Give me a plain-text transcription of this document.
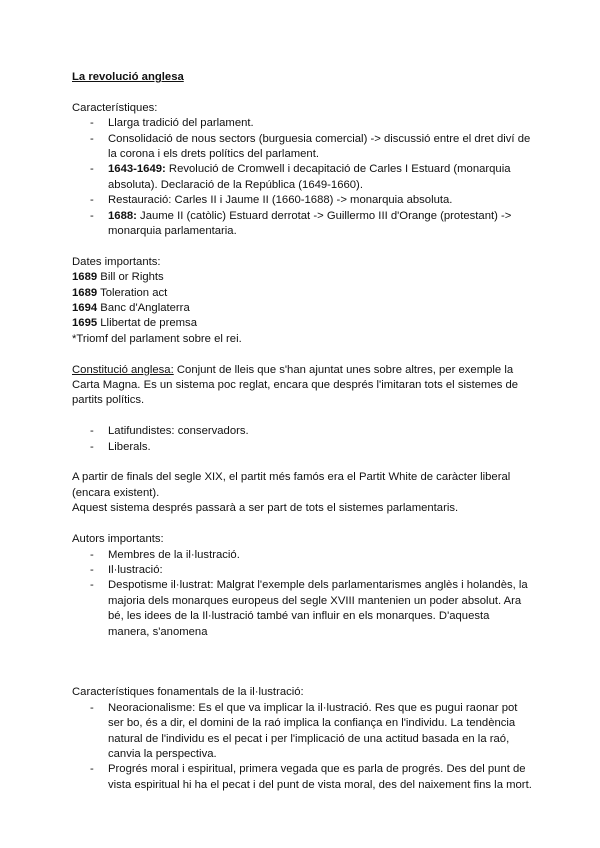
La revolució anglesa
Característiques:
- Llarga tradició del parlament.
- Consolidació de nous sectors (burguesia comercial) -> discussió entre el dret diví de la corona i els drets polítics del parlament.
- 1643-1649: Revolució de Cromwell i decapitació de Carles I Estuard (monarquia absoluta). Declaració de la República (1649-1660).
- Restauració: Carles II i Jaume II (1660-1688) -> monarquia absoluta.
- 1688: Jaume II (catòlic) Estuard derrotat -> Guillermo III d'Orange (protestant) -> monarquia parlamentaria.
Dates importants:
1689 Bill or Rights
1689 Toleration act
1694 Banc d'Anglaterra
1695 Llibertat de premsa
*Triomf del parlament sobre el rei.
Constitució anglesa: Conjunt de lleis que s'han ajuntat unes sobre altres, per exemple la Carta Magna. Es un sistema poc reglat, encara que després l'imitaran tots el sistemes de partits polítics.
- Latifundistes: conservadors.
- Liberals.
A partir de finals del segle XIX, el partit més famós era el Partit White de caràcter liberal (encara existent).
Aquest sistema després passarà a ser part de tots el sistemes parlamentaris.
Autors importants:
- Membres de la il·lustració.
- Il·lustració:
- Despotisme il·lustrat: Malgrat l'exemple dels parlamentarismes anglès i holandès, la majoria dels monarques europeus del segle XVIII mantenien un poder absolut. Ara bé, les idees de la Il·lustració també van influir en els monarques. D'aquesta manera, s'anomena
Característiques fonamentals de la il·lustració:
- Neoracionalisme: Es el que va implicar la il·lustració. Res que es pugui raonar pot ser bo, és a dir, el domini de la raó implica la confiança en l'individu. La tendència natural de l'individu es el pecat i per l'implicació de una actitud basada en la raó, canvia la perspectiva.
- Progrés moral i espiritual, primera vegada que es parla de progrés. Des del punt de vista espiritual hi ha el pecat i del punt de vista moral, des del naixement fins la mort.
